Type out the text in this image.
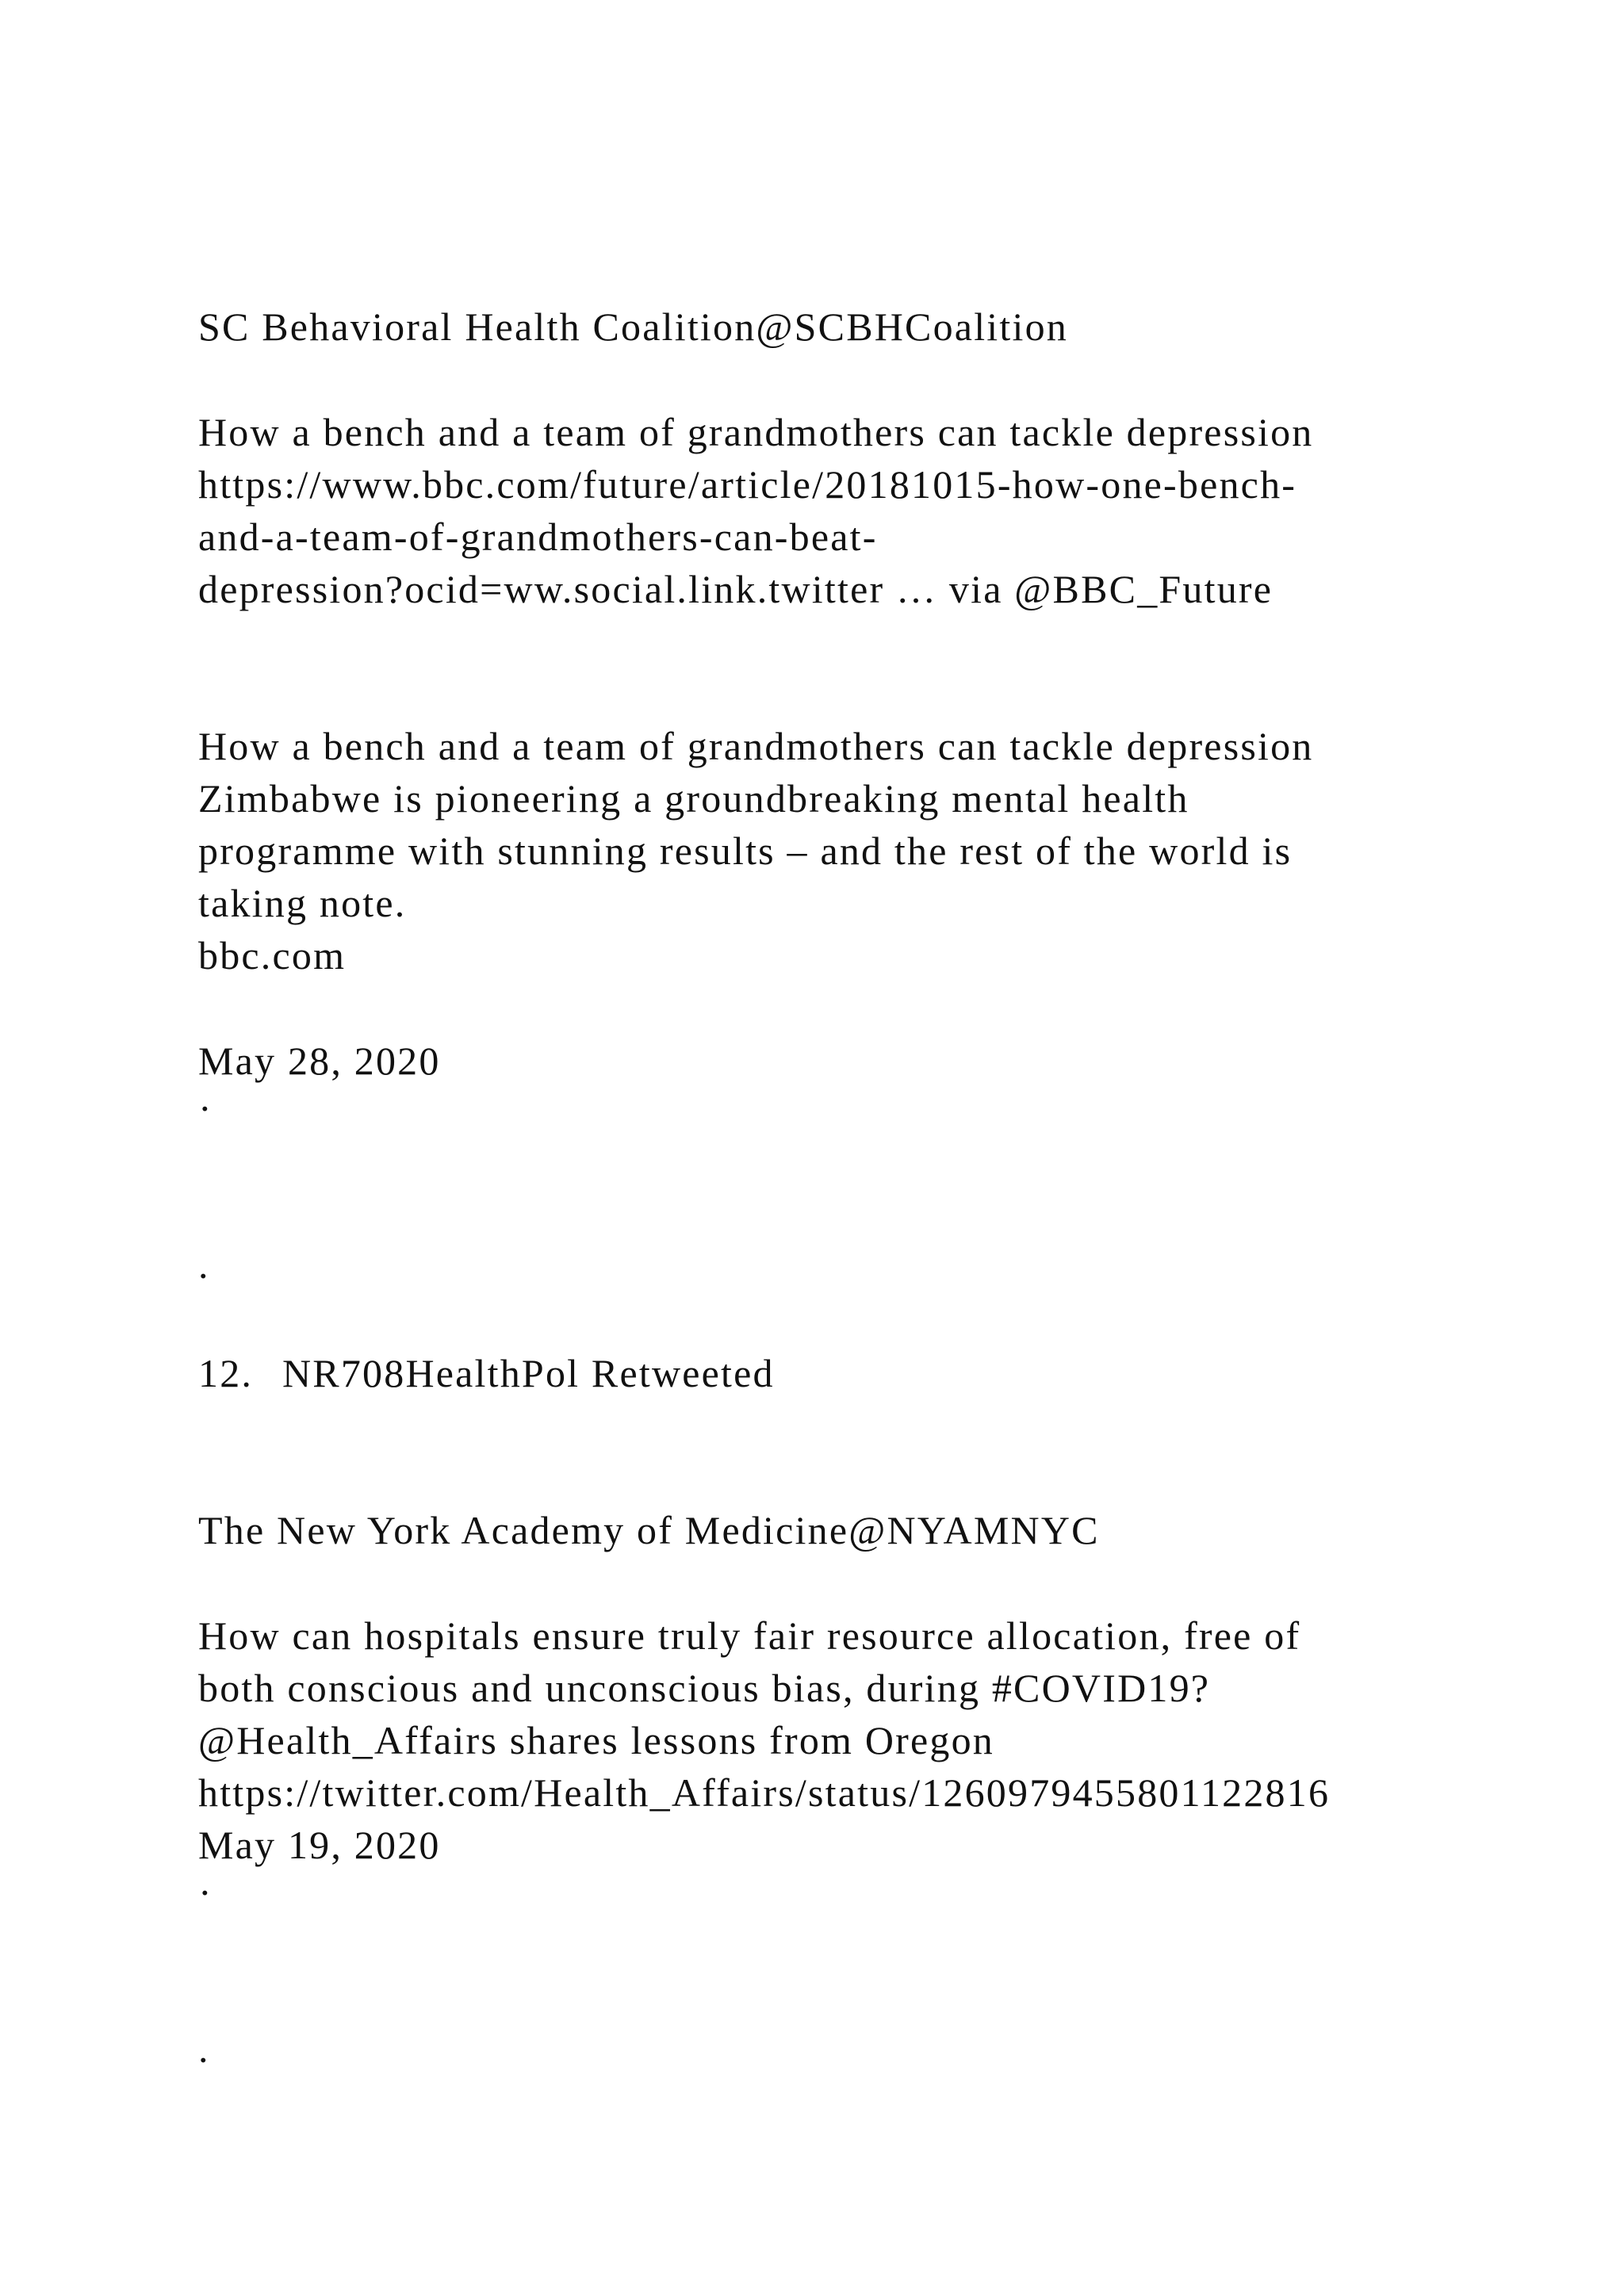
SC Behavioral Health Coalition@SCBHCoalition

How a bench and a team of grandmothers can tackle depression

https://www.bbc.com/future/article/20181015-how-one-bench-

and-a-team-of-grandmothers-can-beat-

depression?ocid=ww.social.link.twitter … via @BBC_Future

How a bench and a team of grandmothers can tackle depression

Zimbabwe is pioneering a groundbreaking mental health

programme with stunning results – and the rest of the world is

taking note.

bbc.com

May 28, 2020

·

.

12. NR708HealthPol Retweeted

The New York Academy of Medicine@NYAMNYC

How can hospitals ensure truly fair resource allocation, free of

both conscious and unconscious bias, during #COVID19?

@Health_Affairs shares lessons from Oregon

https://twitter.com/Health_Affairs/status/1260979455801122816

May 19, 2020

·

.
